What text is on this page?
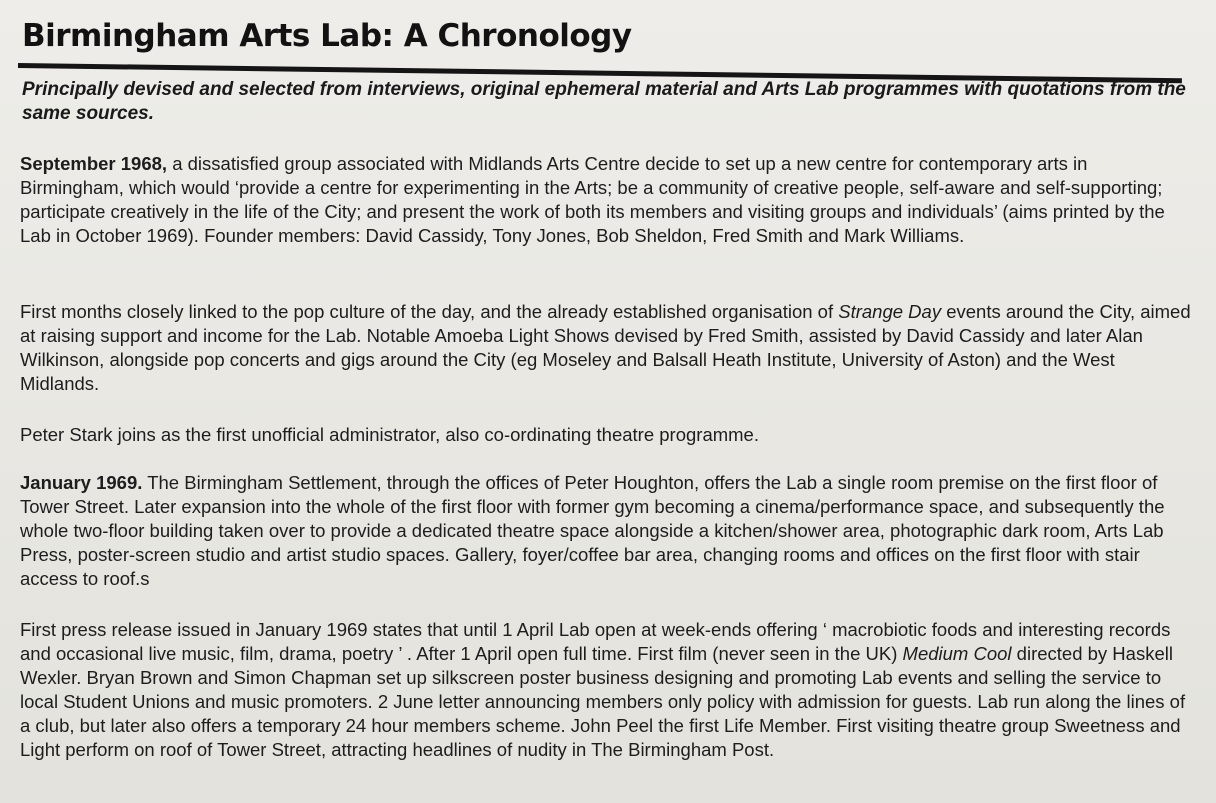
Birmingham Arts Lab: A Chronology

Principally devised and selected from interviews, original ephemeral material and Arts Lab programmes with quotations from the same sources.

September 1968, a dissatisfied group associated with Midlands Arts Centre decide to set up a new centre for contemporary arts in Birmingham, which would ‘provide a centre for experimenting in the Arts; be a community of creative people, self-aware and self-supporting; participate creatively in the life of the City; and present the work of both its members and visiting groups and individuals’ (aims printed by the Lab in October 1969). Founder members: David Cassidy, Tony Jones, Bob Sheldon, Fred Smith and Mark Williams.

First months closely linked to the pop culture of the day, and the already established organisation of Strange Day events around the City, aimed at raising support and income for the Lab. Notable Amoeba Light Shows devised by Fred Smith, assisted by David Cassidy and later Alan Wilkinson, alongside pop concerts and gigs around the City (eg Moseley and Balsall Heath Institute, University of Aston) and the West Midlands.

Peter Stark joins as the first unofficial administrator, also co-ordinating theatre programme.

January 1969. The Birmingham Settlement, through the offices of Peter Houghton, offers the Lab a single room premise on the first floor of Tower Street. Later expansion into the whole of the first floor with former gym becoming a cinema/performance space, and subsequently the whole two-floor building taken over to provide a dedicated theatre space alongside a kitchen/shower area, photographic dark room, Arts Lab Press, poster-screen studio and artist studio spaces. Gallery, foyer/coffee bar area, changing rooms and offices on the first floor with stair access to roof.s

First press release issued in January 1969 states that until 1 April Lab open at week-ends offering ‘ macrobiotic foods and interesting records and occasional live music, film, drama, poetry ’ . After 1 April open full time. First film (never seen in the UK) Medium Cool directed by Haskell Wexler. Bryan Brown and Simon Chapman set up silkscreen poster business designing and promoting Lab events and selling the service to local Student Unions and music promoters. 2 June letter announcing members only policy with admission for guests. Lab run along the lines of a club, but later also offers a temporary 24 hour members scheme. John Peel the first Life Member. First visiting theatre group Sweetness and Light perform on roof of Tower Street, attracting headlines of nudity in The Birmingham Post.
